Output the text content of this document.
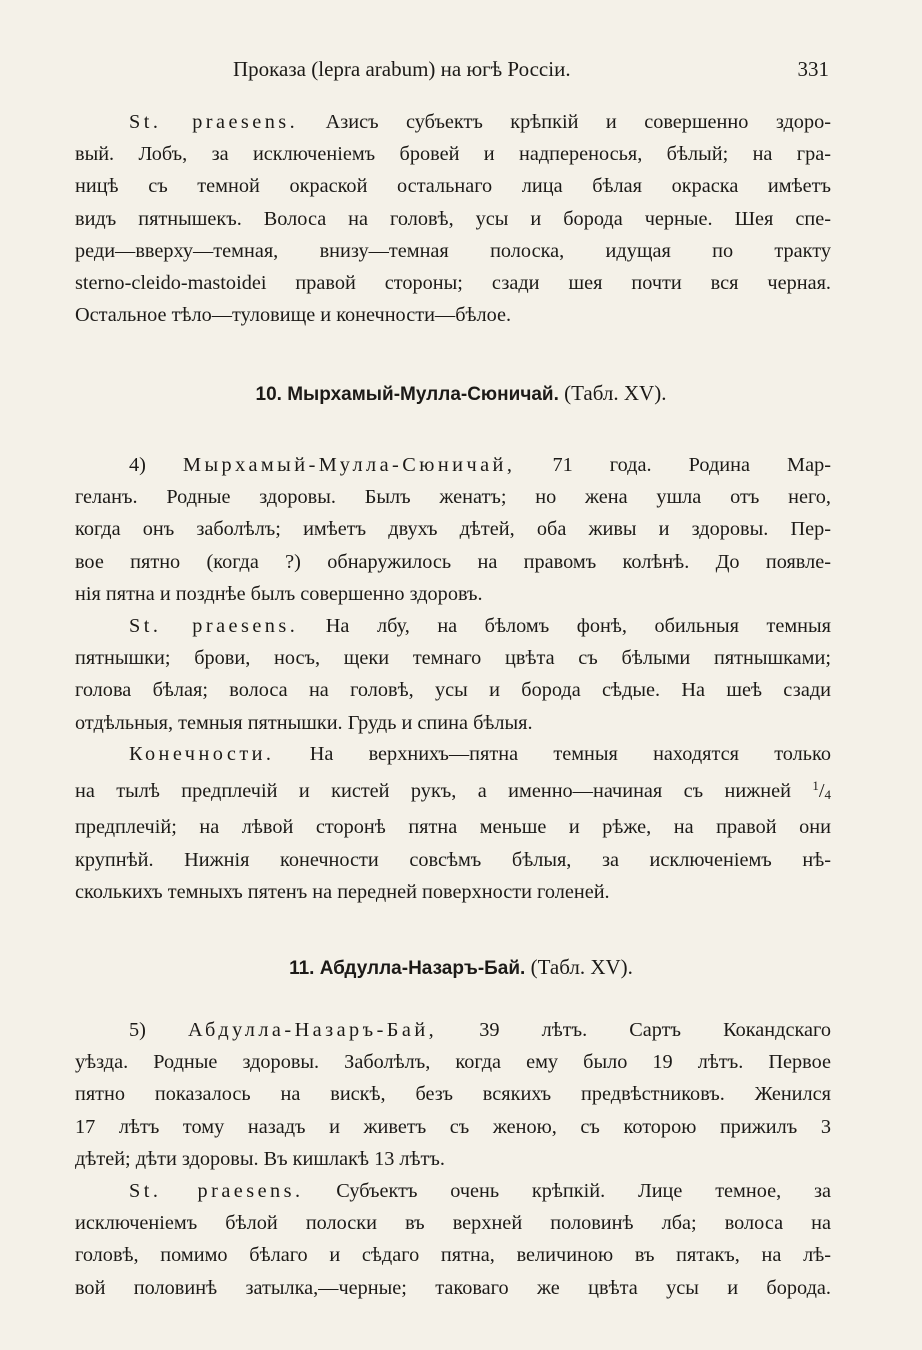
Проказа (lepra arabum) на югѣ Россіи.	331
St. praesens. Азисъ субъектъ крѣпкій и совершенно здоро-
вый. Лобъ, за исключеніемъ бровей и надпереносья, бѣлый; на гра-
ницѣ съ темной окраской остальнаго лица бѣлая окраска имѣетъ
видъ пятнышекъ. Волоса на головѣ, усы и борода черные. Шея спе-
реди—вверху—темная, внизу—темная полоска, идущая по тракту
sterno-cleido-mastoidei правой стороны; сзади шея почти вся черная.
Остальное тѣло—туловище и конечности—бѣлое.
10. Мырхамый-Мулла-Сюничай. (Табл. XV).
4) Мырхамый-Мулла-Сюничай, 71 года. Родина Мар-
геланъ. Родные здоровы. Былъ женатъ; но жена ушла отъ него,
когда онъ заболѣлъ; имѣетъ двухъ дѣтей, оба живы и здоровы. Пер-
вое пятно (когда ?) обнаружилось на правомъ колѣнѣ. До появле-
нія пятна и позднѣе былъ совершенно здоровъ.
St. praesens. На лбу, на бѣломъ фонѣ, обильныя темныя
пятнышки; брови, носъ, щеки темнаго цвѣта съ бѣлыми пятнышками;
голова бѣлая; волоса на головѣ, усы и борода сѣдые. На шеѣ сзади
отдѣльныя, темныя пятнышки. Грудь и спина бѣлыя.
Конечности. На верхнихъ—пятна темныя находятся только
на тылѣ предплечій и кистей рукъ, а именно—начиная съ нижней $^1/_4$
предплечій; на лѣвой сторонѣ пятна меньше и рѣже, на правой они
крупнѣй. Нижнія конечности совсѣмъ бѣлыя, за исключеніемъ нѣ-
сколькихъ темныхъ пятенъ на передней поверхности голеней.
11. Абдулла-Назаръ-Бай. (Табл. XV).
5) Абдулла-Назаръ-Бай, 39 лѣтъ. Сартъ Кокандскаго
уѣзда. Родные здоровы. Заболѣлъ, когда ему было 19 лѣтъ. Первое
пятно показалось на вискѣ, безъ всякихъ предвѣстниковъ. Женился
17 лѣтъ тому назадъ и живетъ съ женою, съ которою прижилъ 3
дѣтей; дѣти здоровы. Въ кишлакѣ 13 лѣтъ.
St. praesens. Субъектъ очень крѣпкій. Лице темное, за
исключеніемъ бѣлой полоски въ верхней половинѣ лба; волоса на
головѣ, помимо бѣлаго и сѣдаго пятна, величиною въ пятакъ, на лѣ-
вой половинѣ затылка,—черные; таковаго же цвѣта усы и борода.
